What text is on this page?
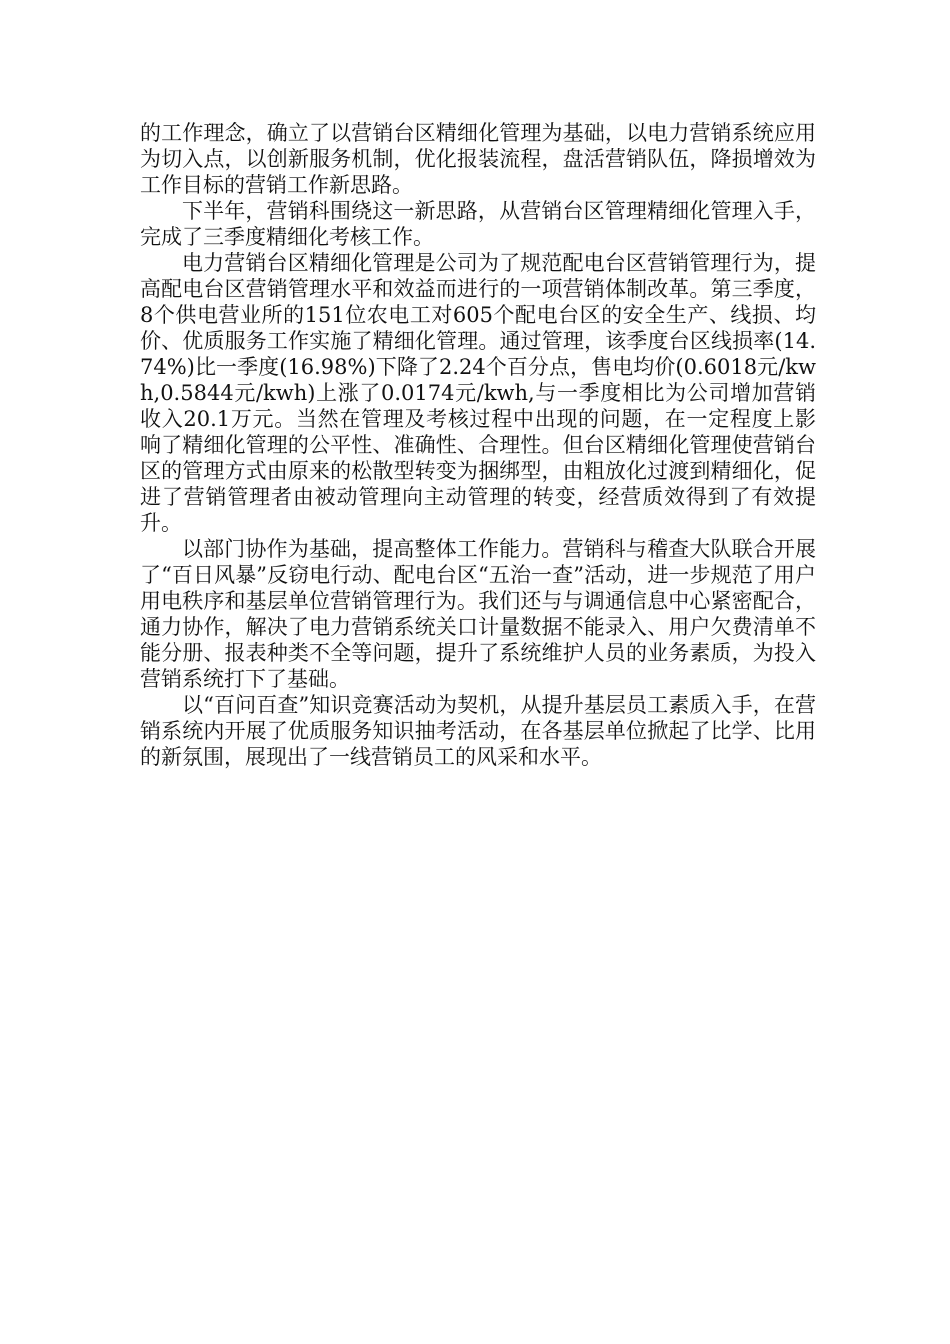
的工作理念，确立了以营销台区精细化管理为基础，以电力营销系统应用为切入点，以创新服务机制，优化报装流程，盘活营销队伍，降损增效为工作目标的营销工作新思路。

下半年，营销科围绕这一新思路，从营销台区管理精细化管理入手，完成了三季度精细化考核工作。

电力营销台区精细化管理是公司为了规范配电台区营销管理行为，提高配电台区营销管理水平和效益而进行的一项营销体制改革。第三季度，8个供电营业所的151位农电工对605个配电台区的安全生产、线损、均价、优质服务工作实施了精细化管理。通过管理，该季度台区线损率(14.74%)比一季度(16.98%)下降了2.24个百分点，售电均价(0.6018元/kwh,0.5844元/kwh)上涨了0.0174元/kwh,与一季度相比为公司增加营销收入20.1万元。当然在管理及考核过程中出现的问题，在一定程度上影响了精细化管理的公平性、准确性、合理性。但台区精细化管理使营销台区的管理方式由原来的松散型转变为捆绑型，由粗放化过渡到精细化，促进了营销管理者由被动管理向主动管理的转变，经营质效得到了有效提升。

以部门协作为基础，提高整体工作能力。营销科与稽查大队联合开展了“百日风暴”反窃电行动、配电台区“五治一查”活动，进一步规范了用户用电秩序和基层单位营销管理行为。我们还与与调通信息中心紧密配合，通力协作，解决了电力营销系统关口计量数据不能录入、用户欠费清单不能分册、报表种类不全等问题，提升了系统维护人员的业务素质，为投入营销系统打下了基础。

以“百问百查”知识竞赛活动为契机，从提升基层员工素质入手，在营销系统内开展了优质服务知识抽考活动，在各基层单位掀起了比学、比用的新氛围，展现出了一线营销员工的风采和水平。
